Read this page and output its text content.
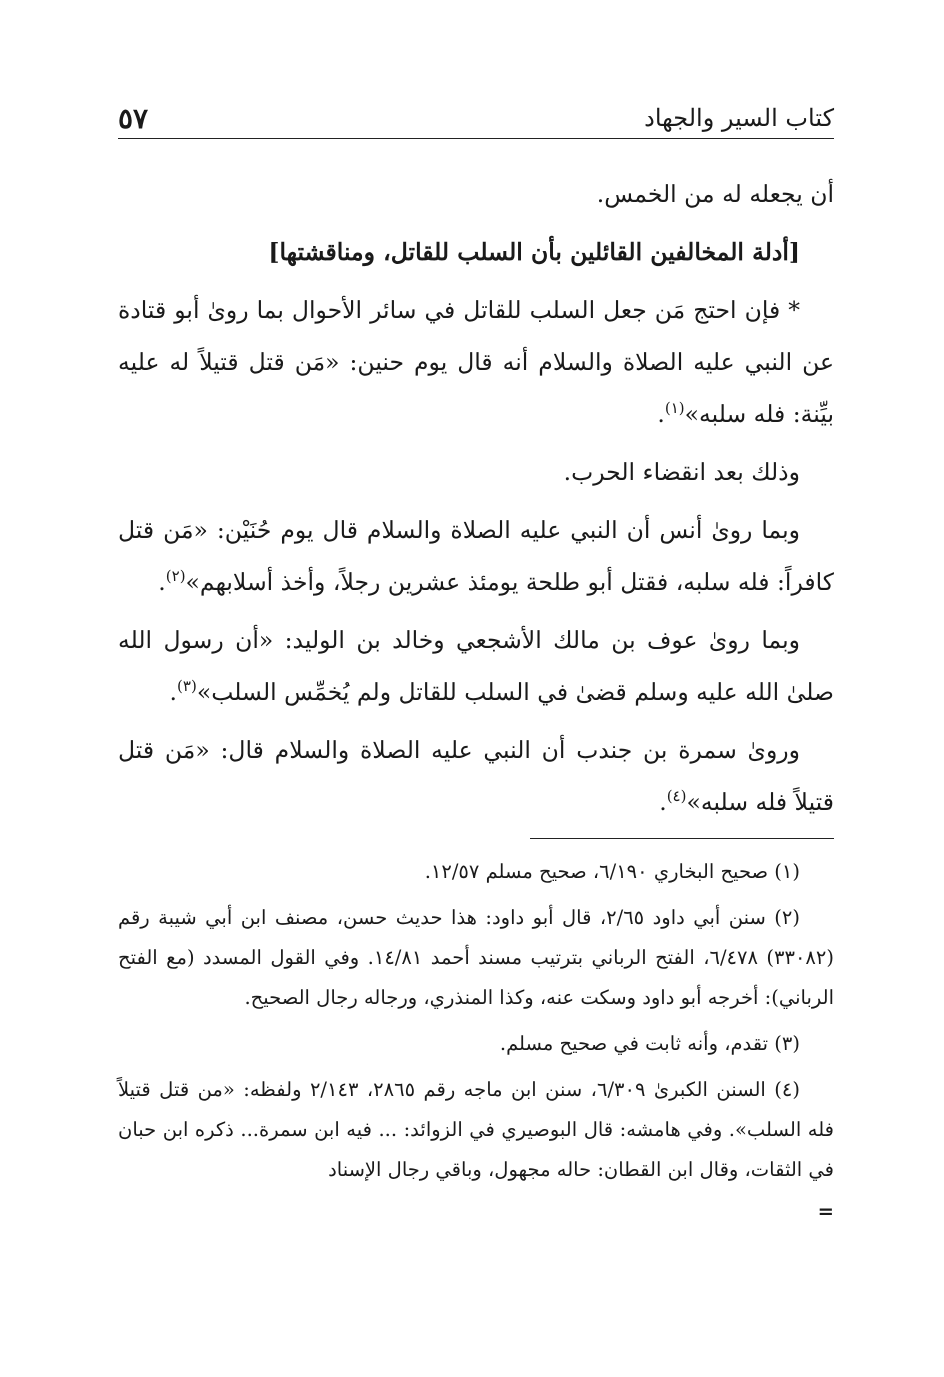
كتاب السير والجهاد
٥٧

أن يجعله له من الخمس.

[أدلة المخالفين القائلين بأن السلب للقاتل، ومناقشتها]

* فإن احتج مَن جعل السلب للقاتل في سائر الأحوال بما روىٰ أبو قتادة عن النبي عليه الصلاة والسلام أنه قال يوم حنين: «مَن قتل قتيلاً له عليه بيِّنة: فله سلبه»$^{(١)}$.

وذلك بعد انقضاء الحرب.

وبما روىٰ أنس أن النبي عليه الصلاة والسلام قال يوم حُنَيْن: «مَن قتل كافراً: فله سلبه، فقتل أبو طلحة يومئذ عشرين رجلاً، وأخذ أسلابهم»$^{(٢)}$.

وبما روىٰ عوف بن مالك الأشجعي وخالد بن الوليد: «أن رسول الله صلىٰ الله عليه وسلم قضىٰ في السلب للقاتل ولم يُخمِّس السلب»$^{(٣)}$.

وروىٰ سمرة بن جندب أن النبي عليه الصلاة والسلام قال: «مَن قتل قتيلاً فله سلبه»$^{(٤)}$.

(١) صحيح البخاري ٦/١٩٠، صحيح مسلم ١٢/٥٧.

(٢) سنن أبي داود ٢/٦٥، قال أبو داود: هذا حديث حسن، مصنف ابن أبي شيبة رقم (٣٣٠٨٢) ٦/٤٧٨، الفتح الرباني بترتيب مسند أحمد ١٤/٨١. وفي القول المسدد (مع الفتح الرباني): أخرجه أبو داود وسكت عنه، وكذا المنذري، ورجاله رجال الصحيح.

(٣) تقدم، وأنه ثابت في صحيح مسلم.

(٤) السنن الكبرىٰ ٦/٣٠٩، سنن ابن ماجه رقم ٢٨٦٥، ٢/١٤٣ ولفظه: «من قتل قتيلاً فله السلب». وفي هامشه: قال البوصيري في الزوائد: ... فيه ابن سمرة... ذكره ابن حبان في الثقات، وقال ابن القطان: حاله مجهول، وباقي رجال الإسناد

=
